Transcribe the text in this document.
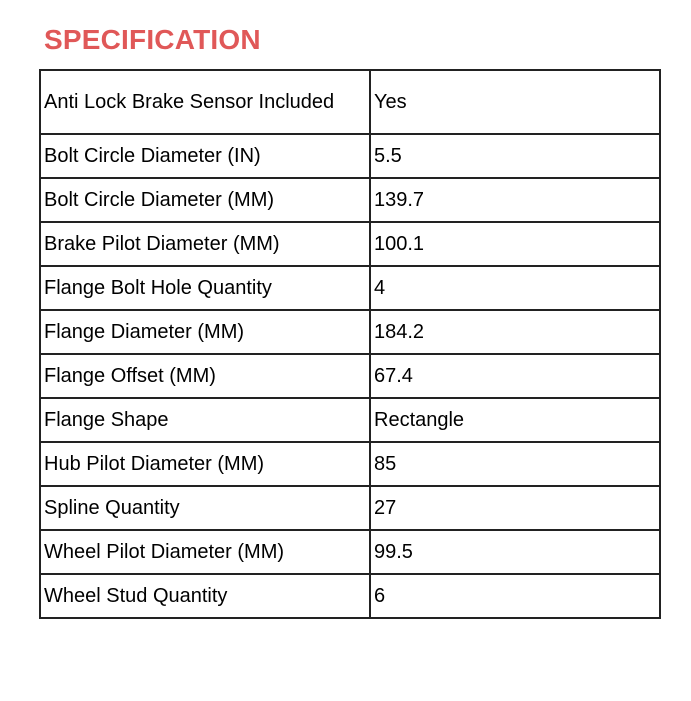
SPECIFICATION
Anti Lock Brake Sensor Included	Yes
Bolt Circle Diameter (IN)	5.5
Bolt Circle Diameter (MM)	139.7
Brake Pilot Diameter (MM)	100.1
Flange Bolt Hole Quantity	4
Flange Diameter (MM)	184.2
Flange Offset (MM)	67.4
Flange Shape	Rectangle
Hub Pilot Diameter (MM)	85
Spline Quantity	27
Wheel Pilot Diameter (MM)	99.5
Wheel Stud Quantity	6
